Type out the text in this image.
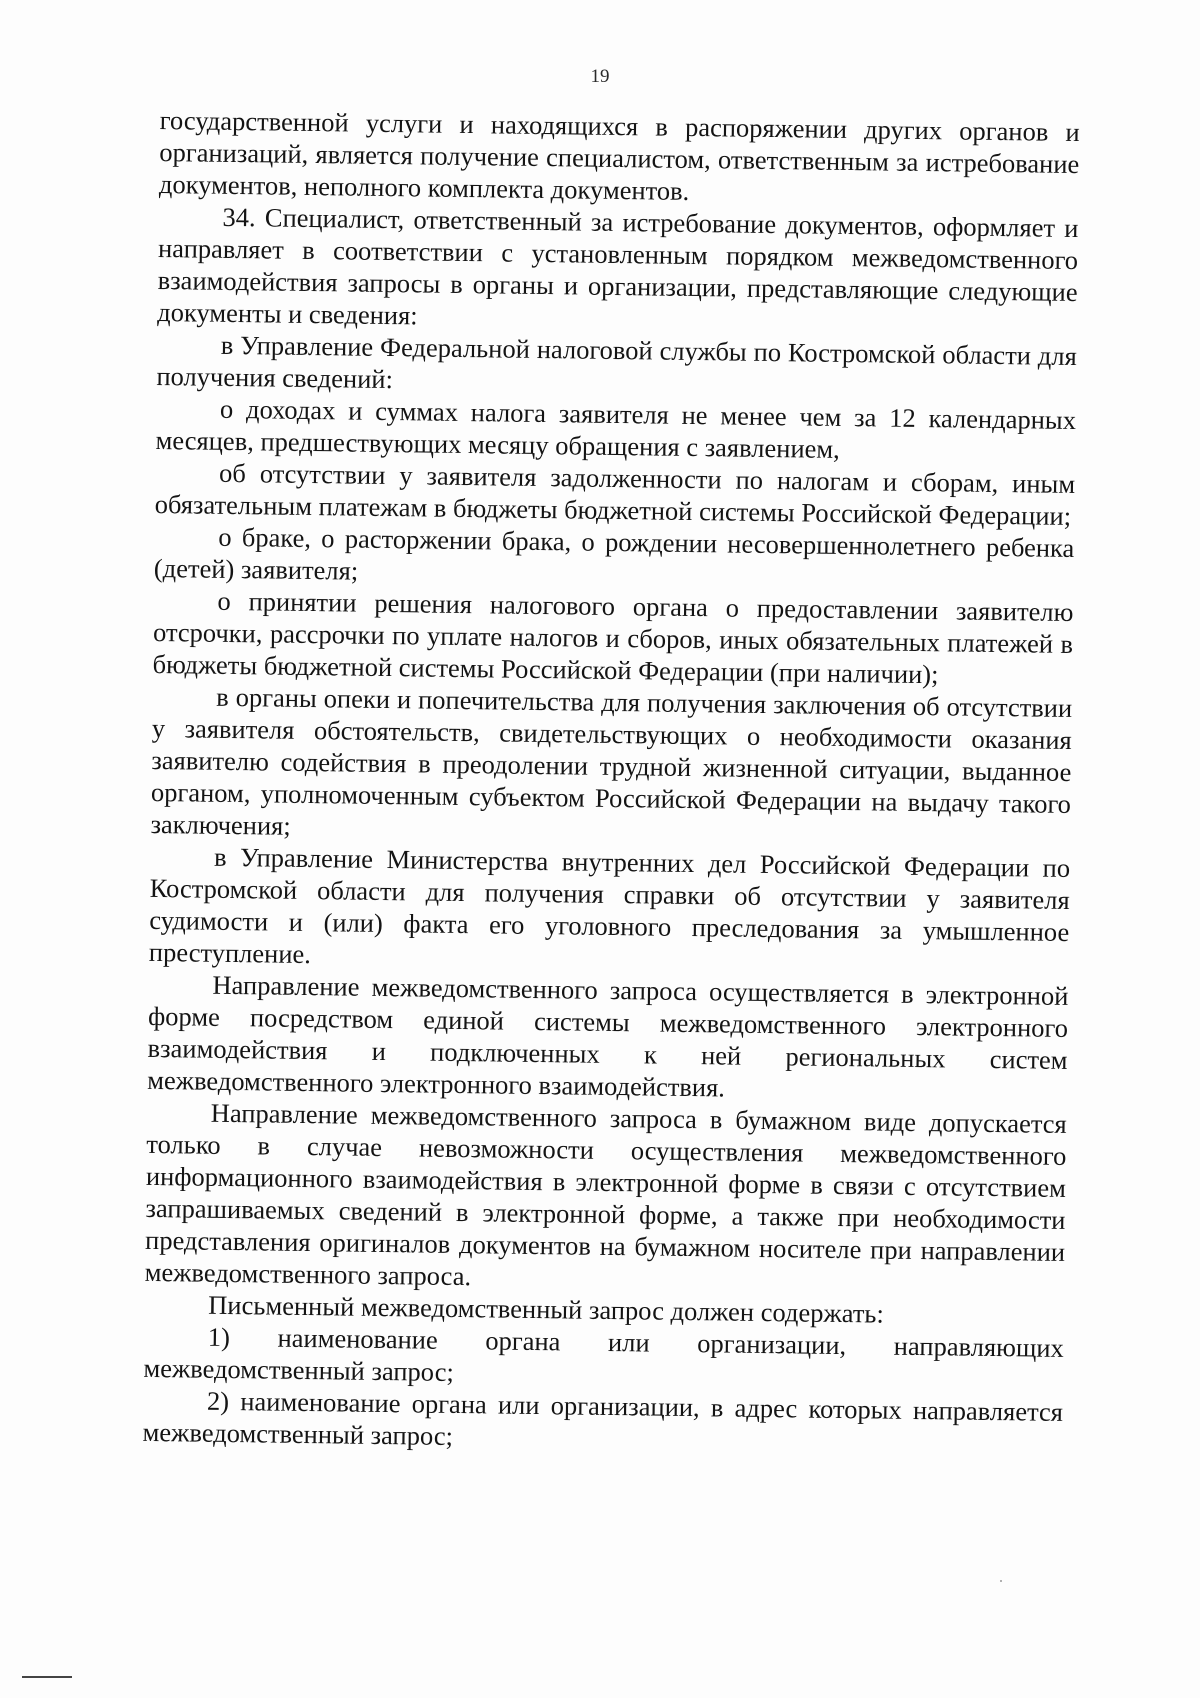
19

государственной услуги и находящихся в распоряжении других органов и организаций, является получение специалистом, ответственным за истребование документов, неполного комплекта документов.

34. Специалист, ответственный за истребование документов, оформляет и направляет в соответствии с установленным порядком межведомственного взаимодействия запросы в органы и организации, представляющие следующие документы и сведения:

в Управление Федеральной налоговой службы по Костромской области для получения сведений:

о доходах и суммах налога заявителя не менее чем за 12 календарных месяцев, предшествующих месяцу обращения с заявлением,

об отсутствии у заявителя задолженности по налогам и сборам, иным обязательным платежам в бюджеты бюджетной системы Российской Федерации;

о браке, о расторжении брака, о рождении несовершеннолетнего ребенка (детей) заявителя;

о принятии решения налогового органа о предоставлении заявителю отсрочки, рассрочки по уплате налогов и сборов, иных обязательных платежей в бюджеты бюджетной системы Российской Федерации (при наличии);

в органы опеки и попечительства для получения заключения об отсутствии у заявителя обстоятельств, свидетельствующих о необходимости оказания заявителю содействия в преодолении трудной жизненной ситуации, выданное органом, уполномоченным субъектом Российской Федерации на выдачу такого заключения;

в Управление Министерства внутренних дел Российской Федерации по Костромской области для получения справки об отсутствии у заявителя судимости и (или) факта его уголовного преследования за умышленное преступление.

Направление межведомственного запроса осуществляется в электронной форме посредством единой системы межведомственного электронного взаимодействия и подключенных к ней региональных систем межведомственного электронного взаимодействия.

Направление межведомственного запроса в бумажном виде допускается только в случае невозможности осуществления межведомственного информационного взаимодействия в электронной форме в связи с отсутствием запрашиваемых сведений в электронной форме, а также при необходимости представления оригиналов документов на бумажном носителе при направлении межведомственного запроса.

Письменный межведомственный запрос должен содержать:

1) наименование органа или организации, направляющих межведомственный запрос;

2) наименование органа или организации, в адрес которых направляется межведомственный запрос;
